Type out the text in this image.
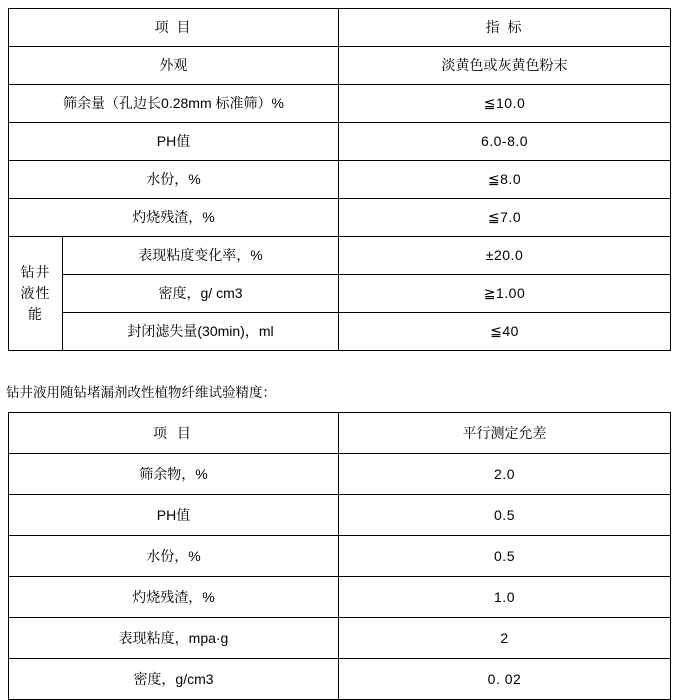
项 目		指 标
外观		淡黄色或灰黄色粉末
筛余量（孔边长0.28mm 标准筛）%		≦10.0
PH值		6.0-8.0
水份，%		≦8.0
灼烧残渣，%		≦7.0

钻井
液性
能	表现粘度变化率，%	±20.0
	密度，g/ cm3	≧1.00
	封闭滤失量(30min)，ml	≦40
钻井液用随钻堵漏剂改性植物纤维试验精度：
项 目	平行测定允差
筛余物，%	2.0
PH值	0.5
水份，%	0.5
灼烧残渣，%	1.0
表现粘度，mpa·g	2
密度，g/cm3	0. 02
